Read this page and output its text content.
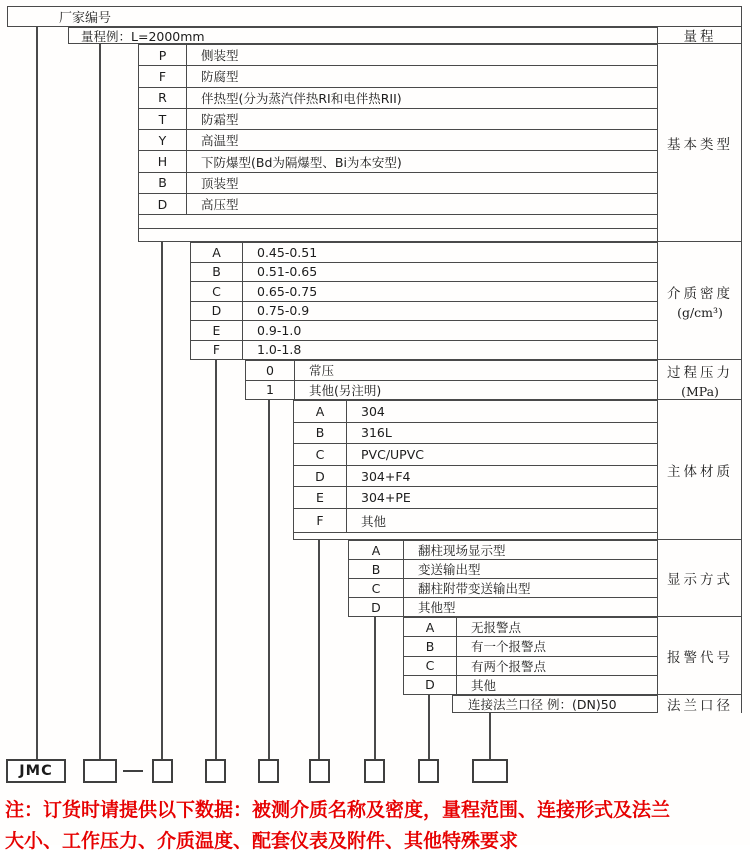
厂家编号
量程例：L=2000mm
P	侧装型
F	防腐型
R	伴热型(分为蒸汽伴热RI和电伴热RII)
T	防霜型
Y	高温型
H	下防爆型(Bd为隔爆型、Bi为本安型)
B	顶装型
D	高压型
A	0.45-0.51
B	0.51-0.65
C	0.65-0.75
D	0.75-0.9
E	0.9-1.0
F	1.0-1.8
0	常压
1	其他(另注明)
A	304
B	316L
C	PVC/UPVC
D	304+F4
E	304+PE
F	其他
A	翻柱现场显示型
B	变送输出型
C	翻柱附带变送输出型
D	其他型
A	无报警点
B	有一个报警点
C	有两个报警点
D	其他
连接法兰口径 例：(DN)50
量程
基本类型
介质密度
(g/cm³)
过程压力
(MPa)
主体材质
显示方式
报警代号
法兰口径
JMC
注：订货时请提供以下数据：被测介质名称及密度，量程范围、连接形式及法兰
大小、工作压力、介质温度、配套仪表及附件、其他特殊要求
